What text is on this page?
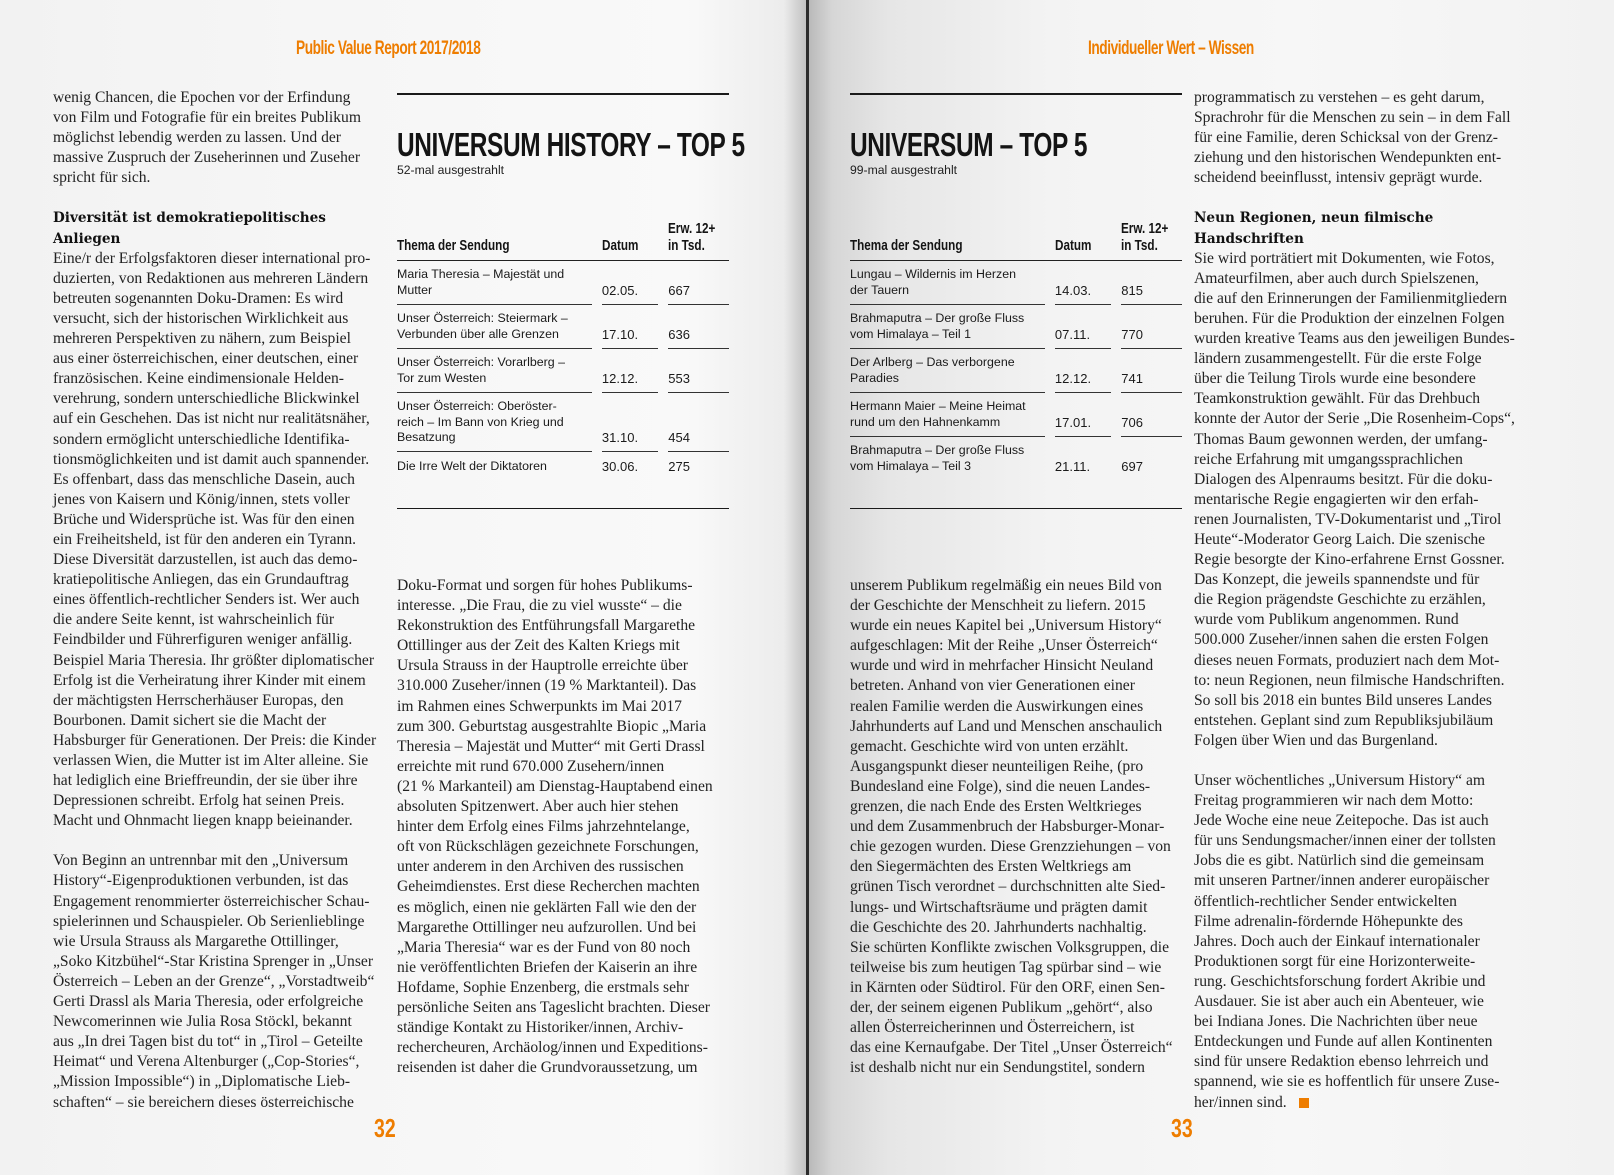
Public Value Report 2017/2018

wenig Chancen, die Epochen vor der Erfindung
von Film und Fotografie für ein breites Publikum
möglichst lebendig werden zu lassen. Und der
massive Zuspruch der Zuseherinnen und Zuseher
spricht für sich.

Diversität ist demokratiepolitisches Anliegen

Eine/r der Erfolgsfaktoren dieser international pro-
duzierten, von Redaktionen aus mehreren Ländern
betreuten sogenannten Doku-Dramen: Es wird
versucht, sich der historischen Wirklichkeit aus
mehreren Perspektiven zu nähern, zum Beispiel
aus einer österreichischen, einer deutschen, einer
französischen. Keine eindimensionale Helden-
verehrung, sondern unterschiedliche Blickwinkel
auf ein Geschehen. Das ist nicht nur realitätsnäher,
sondern ermöglicht unterschiedliche Identifika-
tionsmöglichkeiten und ist damit auch spannender.
Es offenbart, dass das menschliche Dasein, auch
jenes von Kaisern und König/innen, stets voller
Brüche und Widersprüche ist. Was für den einen
ein Freiheitsheld, ist für den anderen ein Tyrann.
Diese Diversität darzustellen, ist auch das demo-
kratiepolitische Anliegen, das ein Grundauftrag
eines öffentlich-rechtlicher Senders ist. Wer auch
die andere Seite kennt, ist wahrscheinlich für
Feindbilder und Führerfiguren weniger anfällig.
Beispiel Maria Theresia. Ihr größter diplomatischer
Erfolg ist die Verheiratung ihrer Kinder mit einem
der mächtigsten Herrscherhäuser Europas, den
Bourbonen. Damit sichert sie die Macht der
Habsburger für Generationen. Der Preis: die Kinder
verlassen Wien, die Mutter ist im Alter alleine. Sie
hat lediglich eine Brieffreundin, der sie über ihre
Depressionen schreibt. Erfolg hat seinen Preis.
Macht und Ohnmacht liegen knapp beieinander.

Von Beginn an untrennbar mit den „Universum
History“-Eigenproduktionen verbunden, ist das
Engagement renommierter österreichischer Schau-
spielerinnen und Schauspieler. Ob Serienlieblinge
wie Ursula Strauss als Margarethe Ottillinger,
„Soko Kitzbühel“-Star Kristina Sprenger in „Unser
Österreich – Leben an der Grenze“, „Vorstadtweib“
Gerti Drassl als Maria Theresia, oder erfolgreiche
Newcomerinnen wie Julia Rosa Stöckl, bekannt
aus „In drei Tagen bist du tot“ in „Tirol – Geteilte
Heimat“ und Verena Altenburger („Cop-Stories“,
„Mission Impossible“) in „Diplomatische Lieb-
schaften“ – sie bereichern dieses österreichische

UNIVERSUM HISTORY – TOP 5
52-mal ausgestrahlt
Thema der Sendung	Datum	Erw. 12+
in Tsd.
Maria Theresia – Majestät und
Mutter	02.05.	667
Unser Österreich: Steiermark –
Verbunden über alle Grenzen	17.10.	636
Unser Österreich: Vorarlberg –
Tor zum Westen	12.12.	553
Unser Österreich: Oberöster-
reich – Im Bann von Krieg und
Besatzung	31.10.	454
Die Irre Welt der Diktatoren	30.06.	275

Doku-Format und sorgen für hohes Publikums-
interesse. „Die Frau, die zu viel wusste“ – die
Rekonstruktion des Entführungsfall Margarethe
Ottillinger aus der Zeit des Kalten Kriegs mit
Ursula Strauss in der Hauptrolle erreichte über
310.000 Zuseher/innen (19 % Marktanteil). Das
im Rahmen eines Schwerpunkts im Mai 2017
zum 300. Geburtstag ausgestrahlte Biopic „Maria
Theresia – Majestät und Mutter“ mit Gerti Drassl
erreichte mit rund 670.000 Zusehern/innen
(21 % Markanteil) am Dienstag-Hauptabend einen
absoluten Spitzenwert. Aber auch hier stehen
hinter dem Erfolg eines Films jahrzehntelange,
oft von Rückschlägen gezeichnete Forschungen,
unter anderem in den Archiven des russischen
Geheimdienstes. Erst diese Recherchen machten
es möglich, einen nie geklärten Fall wie den der
Margarethe Ottillinger neu aufzurollen. Und bei
„Maria Theresia“ war es der Fund von 80 noch
nie veröffentlichten Briefen der Kaiserin an ihre
Hofdame, Sophie Enzenberg, die erstmals sehr
persönliche Seiten ans Tageslicht brachten. Dieser
ständige Kontakt zu Historiker/innen, Archiv-
rechercheuren, Archäolog/innen und Expeditions-
reisenden ist daher die Grundvoraussetzung, um

32
Individueller Wert – Wissen
UNIVERSUM – TOP 5
99-mal ausgestrahlt
Thema der Sendung	Datum	Erw. 12+
in Tsd.
Lungau – Wildernis im Herzen
der Tauern	14.03.	815
Brahmaputra – Der große Fluss
vom Himalaya – Teil 1	07.11.	770
Der Arlberg – Das verborgene
Paradies	12.12.	741
Hermann Maier – Meine Heimat
rund um den Hahnenkamm	17.01.	706
Brahmaputra – Der große Fluss
vom Himalaya – Teil 3	21.11.	697

unserem Publikum regelmäßig ein neues Bild von
der Geschichte der Menschheit zu liefern. 2015
wurde ein neues Kapitel bei „Universum History“
aufgeschlagen: Mit der Reihe „Unser Österreich“
wurde und wird in mehrfacher Hinsicht Neuland
betreten. Anhand von vier Generationen einer
realen Familie werden die Auswirkungen eines
Jahrhunderts auf Land und Menschen anschaulich
gemacht. Geschichte wird von unten erzählt.
Ausgangspunkt dieser neunteiligen Reihe, (pro
Bundesland eine Folge), sind die neuen Landes-
grenzen, die nach Ende des Ersten Weltkrieges
und dem Zusammenbruch der Habsburger-Monar-
chie gezogen wurden. Diese Grenzziehungen – von
den Siegermächten des Ersten Weltkriegs am
grünen Tisch verordnet – durchschnitten alte Sied-
lungs- und Wirtschaftsräume und prägten damit
die Geschichte des 20. Jahrhunderts nachhaltig.
Sie schürten Konflikte zwischen Volksgruppen, die
teilweise bis zum heutigen Tag spürbar sind – wie
in Kärnten oder Südtirol. Für den ORF, einen Sen-
der, der seinem eigenen Publikum „gehört“, also
allen Österreicherinnen und Österreichern, ist
das eine Kernaufgabe. Der Titel „Unser Österreich“
ist deshalb nicht nur ein Sendungstitel, sondern

programmatisch zu verstehen – es geht darum,
Sprachrohr für die Menschen zu sein – in dem Fall
für eine Familie, deren Schicksal von der Grenz-
ziehung und den historischen Wendepunkten ent-
scheidend beeinflusst, intensiv geprägt wurde.

Neun Regionen, neun filmische Handschriften

Sie wird porträtiert mit Dokumenten, wie Fotos,
Amateurfilmen, aber auch durch Spielszenen,
die auf den Erinnerungen der Familienmitgliedern
beruhen. Für die Produktion der einzelnen Folgen
wurden kreative Teams aus den jeweiligen Bundes-
ländern zusammengestellt. Für die erste Folge
über die Teilung Tirols wurde eine besondere
Teamkonstruktion gewählt. Für das Drehbuch
konnte der Autor der Serie „Die Rosenheim-Cops“,
Thomas Baum gewonnen werden, der umfang-
reiche Erfahrung mit umgangssprachlichen
Dialogen des Alpenraums besitzt. Für die doku-
mentarische Regie engagierten wir den erfah-
renen Journalisten, TV-Dokumentarist und „Tirol
Heute“-Moderator Georg Laich. Die szenische
Regie besorgte der Kino-erfahrene Ernst Gossner.
Das Konzept, die jeweils spannendste und für
die Region prägendste Geschichte zu erzählen,
wurde vom Publikum angenommen. Rund
500.000 Zuseher/innen sahen die ersten Folgen
dieses neuen Formats, produziert nach dem Mot-
to: neun Regionen, neun filmische Handschriften.
So soll bis 2018 ein buntes Bild unseres Landes
entstehen. Geplant sind zum Republiksjubiläum
Folgen über Wien und das Burgenland.

Unser wöchentliches „Universum History“ am
Freitag programmieren wir nach dem Motto:
Jede Woche eine neue Zeitepoche. Das ist auch
für uns Sendungsmacher/innen einer der tollsten
Jobs die es gibt. Natürlich sind die gemeinsam
mit unseren Partner/innen anderer europäischer
öffentlich-rechtlicher Sender entwickelten
Filme adrenalin-fördernde Höhepunkte des
Jahres. Doch auch der Einkauf internationaler
Produktionen sorgt für eine Horizonterweite-
rung. Geschichtsforschung fordert Akribie und
Ausdauer. Sie ist aber auch ein Abenteuer, wie
bei Indiana Jones. Die Nachrichten über neue
Entdeckungen und Funde auf allen Kontinenten
sind für unsere Redaktion ebenso lehrreich und
spannend, wie sie es hoffentlich für unsere Zuse-
her/innen sind.

33
